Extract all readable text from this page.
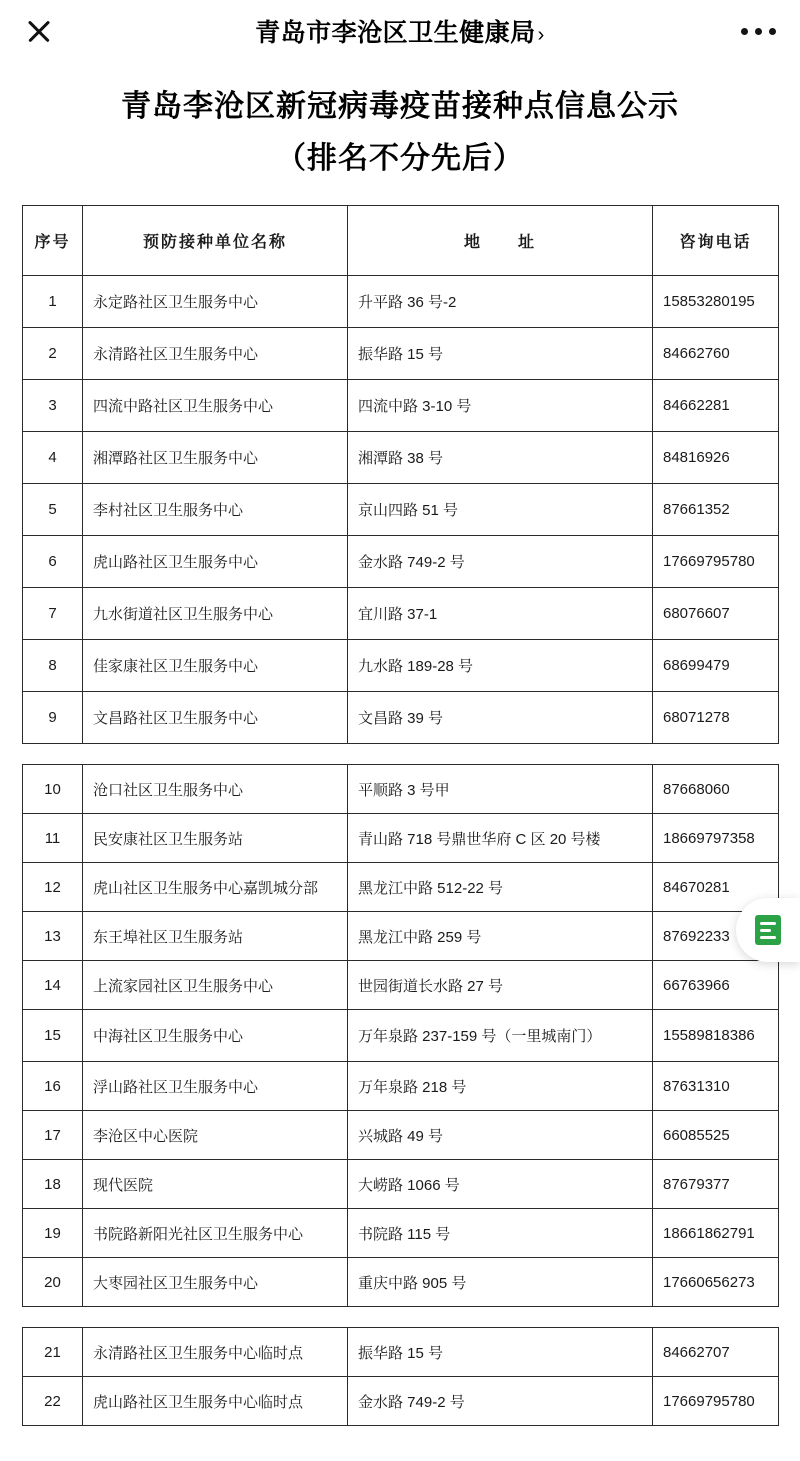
青岛市李沧区卫生健康局 ›
青岛李沧区新冠病毒疫苗接种点信息公示
（排名不分先后）
序号	预防接种单位名称	地　　址	咨询电话
1	永定路社区卫生服务中心	升平路 36 号-2	15853280195
2	永清路社区卫生服务中心	振华路 15 号	84662760
3	四流中路社区卫生服务中心	四流中路 3-10 号	84662281
4	湘潭路社区卫生服务中心	湘潭路 38 号	84816926
5	李村社区卫生服务中心	京山四路 51 号	87661352
6	虎山路社区卫生服务中心	金水路 749-2 号	17669795780
7	九水街道社区卫生服务中心	宜川路 37-1	68076607
8	佳家康社区卫生服务中心	九水路 189-28 号	68699479
9	文昌路社区卫生服务中心	文昌路 39 号	68071278
10	沧口社区卫生服务中心	平顺路 3 号甲	87668060
11	民安康社区卫生服务站	青山路 718 号鼎世华府 C 区 20 号楼	18669797358
12	虎山社区卫生服务中心嘉凯城分部	黑龙江中路 512-22 号	84670281
13	东王埠社区卫生服务站	黑龙江中路 259 号	87692233
14	上流家园社区卫生服务中心	世园街道长水路 27 号	66763966
15	中海社区卫生服务中心	万年泉路 237-159 号（一里城南门）	15589818386
16	浮山路社区卫生服务中心	万年泉路 218 号	87631310
17	李沧区中心医院	兴城路 49 号	66085525
18	现代医院	大崂路 1066 号	87679377
19	书院路新阳光社区卫生服务中心	书院路 115 号	18661862791
20	大枣园社区卫生服务中心	重庆中路 905 号	17660656273
21	永清路社区卫生服务中心临时点	振华路 15 号	84662707
22	虎山路社区卫生服务中心临时点	金水路 749-2 号	17669795780
